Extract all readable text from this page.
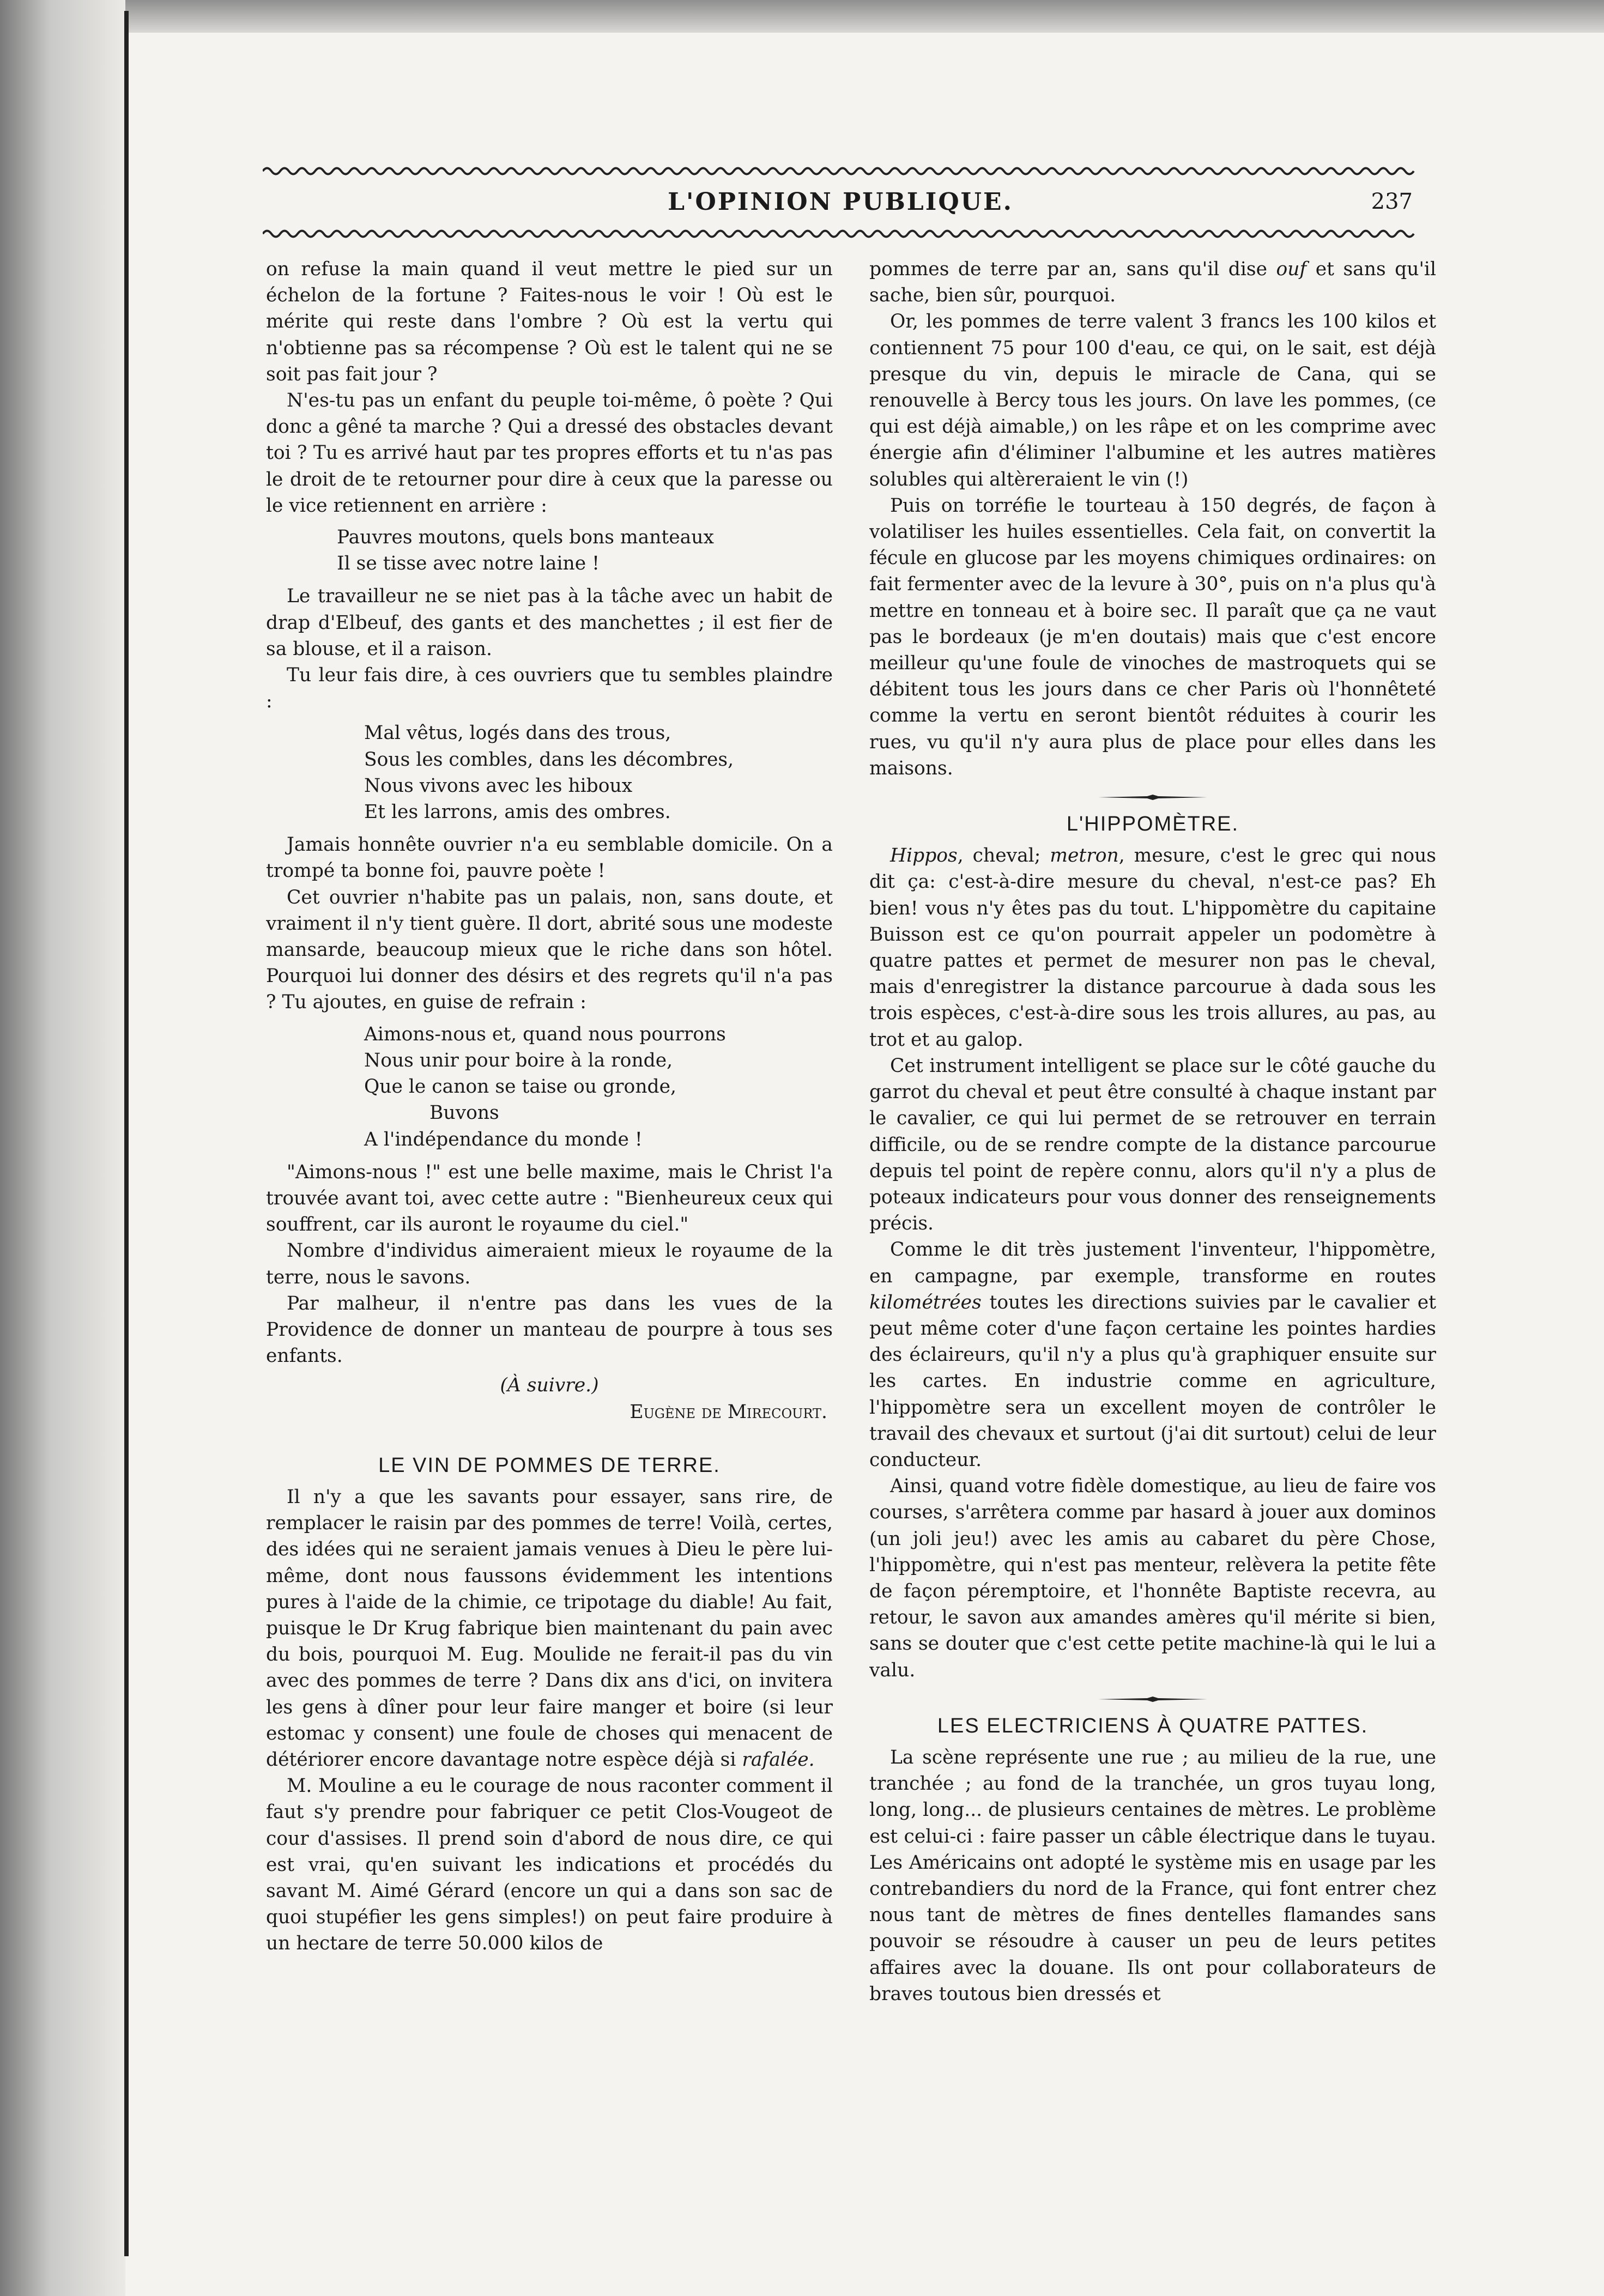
L'OPINION PUBLIQUE.	237

on refuse la main quand il veut mettre le pied sur un échelon de la fortune ? Faites-nous le voir ! Où est le mérite qui reste dans l'ombre ? Où est la vertu qui n'obtienne pas sa récompense ? Où est le talent qui ne se soit pas fait jour ?

N'es-tu pas un enfant du peuple toi-même, ô poète ? Qui donc a gêné ta marche ? Qui a dressé des obstacles devant toi ? Tu es arrivé haut par tes propres efforts et tu n'as pas le droit de te retourner pour dire à ceux que la paresse ou le vice retiennent en arrière :

Pauvres moutons, quels bons manteaux
Il se tisse avec notre laine !

Le travailleur ne se niet pas à la tâche avec un habit de drap d'Elbeuf, des gants et des manchettes ; il est fier de sa blouse, et il a raison.

Tu leur fais dire, à ces ouvriers que tu sembles plaindre :

Mal vêtus, logés dans des trous,
Sous les combles, dans les décombres,
Nous vivons avec les hiboux
Et les larrons, amis des ombres.

Jamais honnête ouvrier n'a eu semblable domicile. On a trompé ta bonne foi, pauvre poète !

Cet ouvrier n'habite pas un palais, non, sans doute, et vraiment il n'y tient guère. Il dort, abrité sous une modeste mansarde, beaucoup mieux que le riche dans son hôtel. Pourquoi lui donner des désirs et des regrets qu'il n'a pas ? Tu ajoutes, en guise de refrain :

Aimons-nous et, quand nous pourrons
Nous unir pour boire à la ronde,
Que le canon se taise ou gronde,
Buvons
A l'indépendance du monde !

"Aimons-nous !" est une belle maxime, mais le Christ l'a trouvée avant toi, avec cette autre : "Bienheureux ceux qui souffrent, car ils auront le royaume du ciel."

Nombre d'individus aimeraient mieux le royaume de la terre, nous le savons.

Par malheur, il n'entre pas dans les vues de la Providence de donner un manteau de pourpre à tous ses enfants.

(À suivre.)
Eugène de Mirecourt.
LE VIN DE POMMES DE TERRE.

Il n'y a que les savants pour essayer, sans rire, de remplacer le raisin par des pommes de terre! Voilà, certes, des idées qui ne seraient jamais venues à Dieu le père lui-même, dont nous faussons évidemment les intentions pures à l'aide de la chimie, ce tripotage du diable! Au fait, puisque le Dr Krug fabrique bien maintenant du pain avec du bois, pourquoi M. Eug. Moulide ne ferait-il pas du vin avec des pommes de terre ? Dans dix ans d'ici, on invitera les gens à dîner pour leur faire manger et boire (si leur estomac y consent) une foule de choses qui menacent de détériorer encore davantage notre espèce déjà si rafalée.

M. Mouline a eu le courage de nous raconter comment il faut s'y prendre pour fabriquer ce petit Clos-Vougeot de cour d'assises. Il prend soin d'abord de nous dire, ce qui est vrai, qu'en suivant les indications et procédés du savant M. Aimé Gérard (encore un qui a dans son sac de quoi stupéfier les gens simples!) on peut faire produire à un hectare de terre 50.000 kilos de

pommes de terre par an, sans qu'il dise ouf et sans qu'il sache, bien sûr, pourquoi.

Or, les pommes de terre valent 3 francs les 100 kilos et contiennent 75 pour 100 d'eau, ce qui, on le sait, est déjà presque du vin, depuis le miracle de Cana, qui se renouvelle à Bercy tous les jours. On lave les pommes, (ce qui est déjà aimable,) on les râpe et on les comprime avec énergie afin d'éliminer l'albumine et les autres matières solubles qui altèreraient le vin (!)

Puis on torréfie le tourteau à 150 degrés, de façon à volatiliser les huiles essentielles. Cela fait, on convertit la fécule en glucose par les moyens chimiques ordinaires: on fait fermenter avec de la levure à 30°, puis on n'a plus qu'à mettre en tonneau et à boire sec. Il paraît que ça ne vaut pas le bordeaux (je m'en doutais) mais que c'est encore meilleur qu'une foule de vinoches de mastroquets qui se débitent tous les jours dans ce cher Paris où l'honnêteté comme la vertu en seront bientôt réduites à courir les rues, vu qu'il n'y aura plus de place pour elles dans les maisons.

L'HIPPOMÈTRE.

Hippos, cheval; metron, mesure, c'est le grec qui nous dit ça: c'est-à-dire mesure du cheval, n'est-ce pas? Eh bien! vous n'y êtes pas du tout. L'hippomètre du capitaine Buisson est ce qu'on pourrait appeler un podomètre à quatre pattes et permet de mesurer non pas le cheval, mais d'enregistrer la distance parcourue à dada sous les trois espèces, c'est-à-dire sous les trois allures, au pas, au trot et au galop.

Cet instrument intelligent se place sur le côté gauche du garrot du cheval et peut être consulté à chaque instant par le cavalier, ce qui lui permet de se retrouver en terrain difficile, ou de se rendre compte de la distance parcourue depuis tel point de repère connu, alors qu'il n'y a plus de poteaux indicateurs pour vous donner des renseignements précis.

Comme le dit très justement l'inventeur, l'hippomètre, en campagne, par exemple, transforme en routes kilométrées toutes les directions suivies par le cavalier et peut même coter d'une façon certaine les pointes hardies des éclaireurs, qu'il n'y a plus qu'à graphiquer ensuite sur les cartes. En industrie comme en agriculture, l'hippomètre sera un excellent moyen de contrôler le travail des chevaux et surtout (j'ai dit surtout) celui de leur conducteur.

Ainsi, quand votre fidèle domestique, au lieu de faire vos courses, s'arrêtera comme par hasard à jouer aux dominos (un joli jeu!) avec les amis au cabaret du père Chose, l'hippomètre, qui n'est pas menteur, relèvera la petite fête de façon péremptoire, et l'honnête Baptiste recevra, au retour, le savon aux amandes amères qu'il mérite si bien, sans se douter que c'est cette petite machine-là qui le lui a valu.

LES ELECTRICIENS À QUATRE PATTES.

La scène représente une rue ; au milieu de la rue, une tranchée ; au fond de la tranchée, un gros tuyau long, long, long... de plusieurs centaines de mètres. Le problème est celui-ci : faire passer un câble électrique dans le tuyau. Les Américains ont adopté le système mis en usage par les contrebandiers du nord de la France, qui font entrer chez nous tant de mètres de fines dentelles flamandes sans pouvoir se résoudre à causer un peu de leurs petites affaires avec la douane. Ils ont pour collaborateurs de braves toutous bien dressés et
